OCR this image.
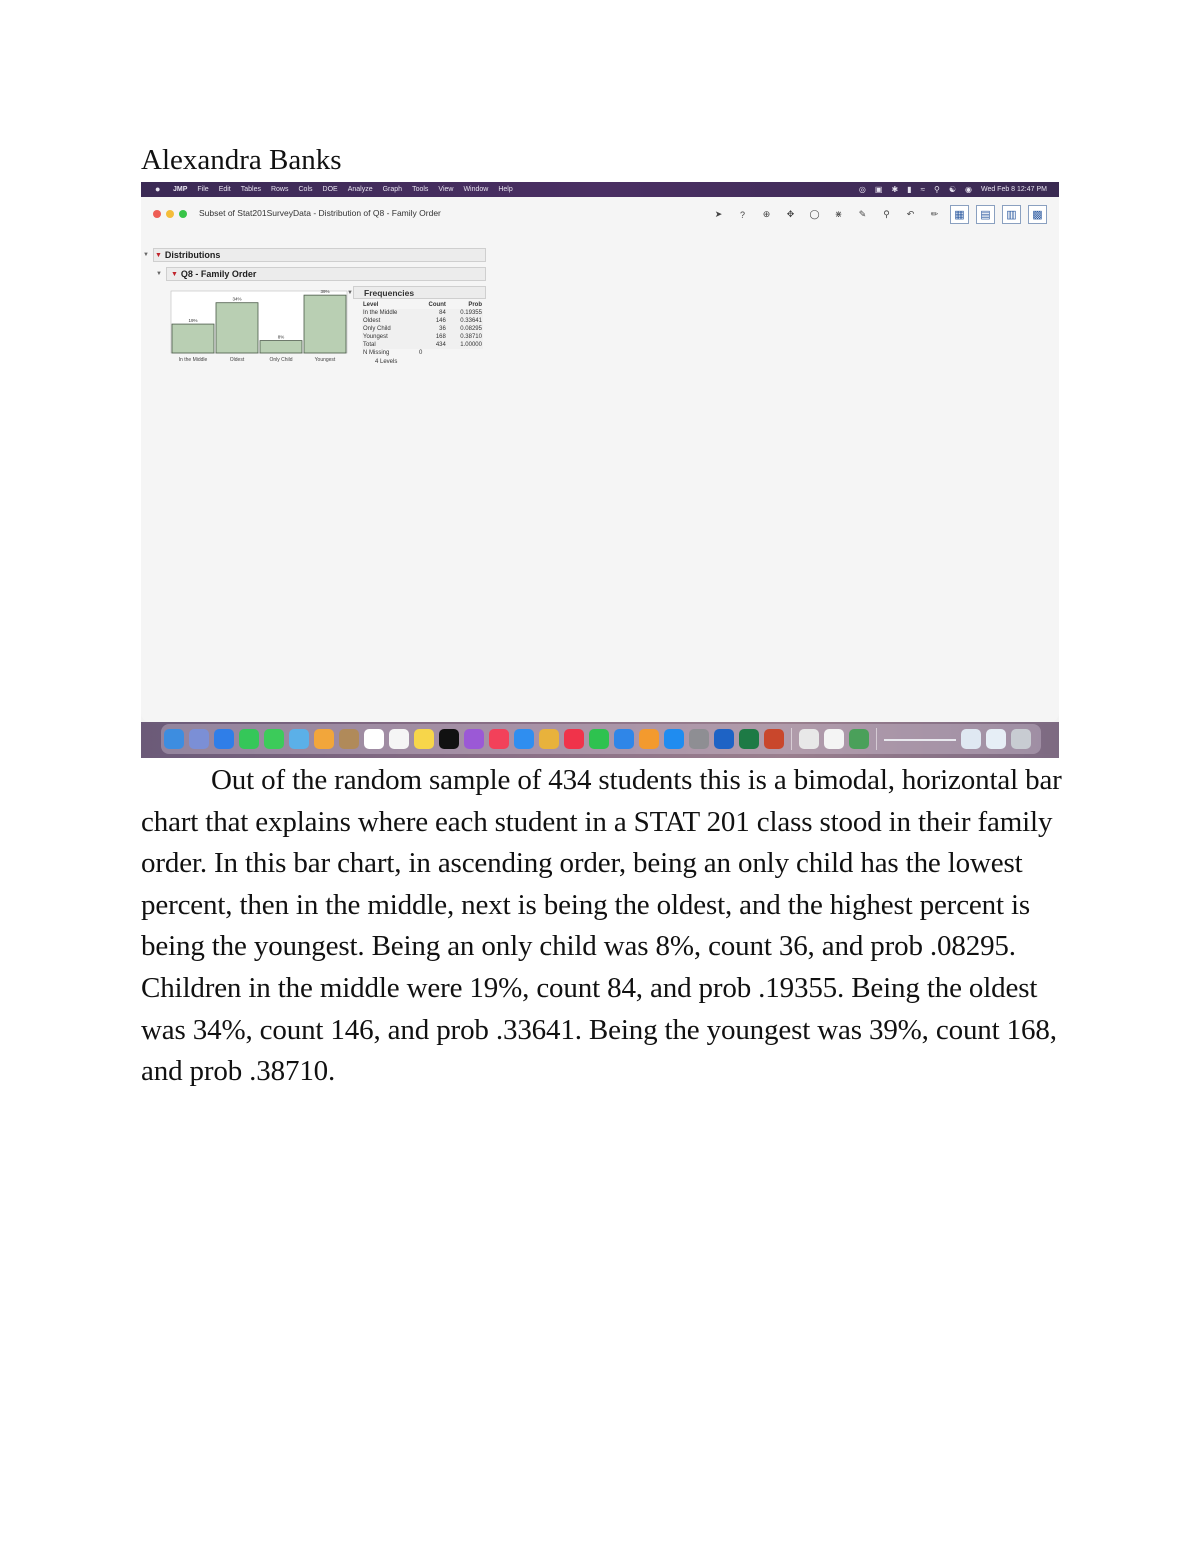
Alexandra Banks
●	JMP File Edit Tables Rows Cols DOE Analyze Graph Tools View Window Help	◎ ▣ ✱ ▮ ≈ ⚲ ☯ ◉ Wed Feb 8 12:47 PM
Subset of Stat201SurveyData - Distribution of Q8 - Family Order	➤	?	⊕	✥	◯	⋇	✎	⚲	↶	✏	▦	▤	▥	▩
▼ ▼ Distributions
▼ ▼ Q8 - Family Order
19%
In the Middle
34%
Oldest
8%
Only Child
39%
Youngest
▼ Frequencies
Level	Count	Prob
In the Middle	84	0.19355
Oldest	146	0.33641
Only Child	36	0.08295
Youngest	168	0.38710
Total	434	1.00000
N Missing	0
4 Levels

Out of the random sample of 434 students this is a bimodal, horizontal bar chart that explains where each student in a STAT 201 class stood in their family order. In this bar chart, in ascending order, being an only child has the lowest percent, then in the middle, next is being the oldest, and the highest percent is being the youngest. Being an only child was 8%, count 36, and prob .08295. Children in the middle were 19%, count 84, and prob .19355. Being the oldest was 34%, count 146, and prob .33641. Being the youngest was 39%, count 168, and prob .38710.
